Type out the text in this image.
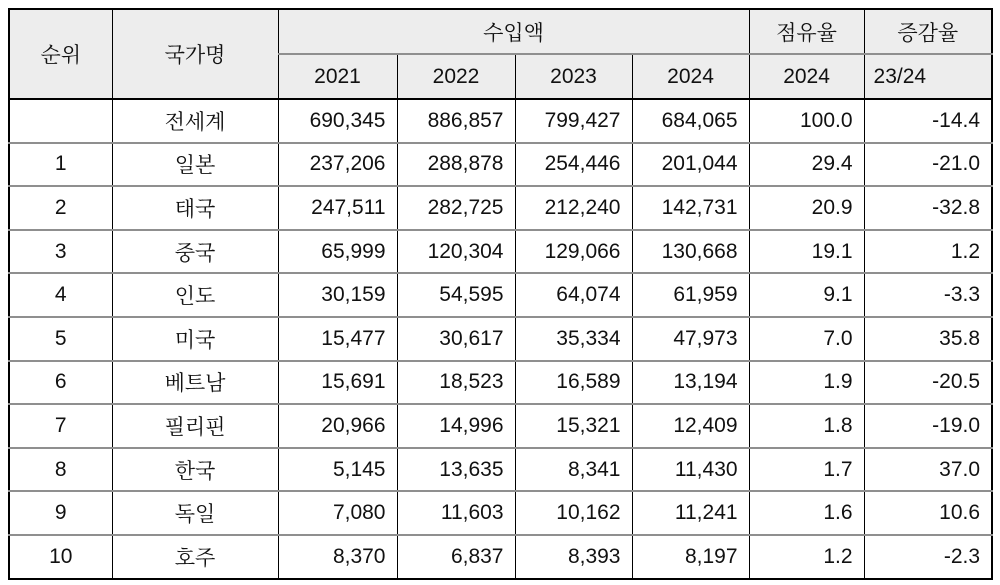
순위	국가명	수입액				점유율	증감율
		2021	2022	2023	2024	2024	23/24
	전세계	690,345	886,857	799,427	684,065	100.0	-14.4
1	일본	237,206	288,878	254,446	201,044	29.4	-21.0
2	태국	247,511	282,725	212,240	142,731	20.9	-32.8
3	중국	65,999	120,304	129,066	130,668	19.1	1.2
4	인도	30,159	54,595	64,074	61,959	9.1	-3.3
5	미국	15,477	30,617	35,334	47,973	7.0	35.8
6	베트남	15,691	18,523	16,589	13,194	1.9	-20.5
7	필리핀	20,966	14,996	15,321	12,409	1.8	-19.0
8	한국	5,145	13,635	8,341	11,430	1.7	37.0
9	독일	7,080	11,603	10,162	11,241	1.6	10.6
10	호주	8,370	6,837	8,393	8,197	1.2	-2.3
